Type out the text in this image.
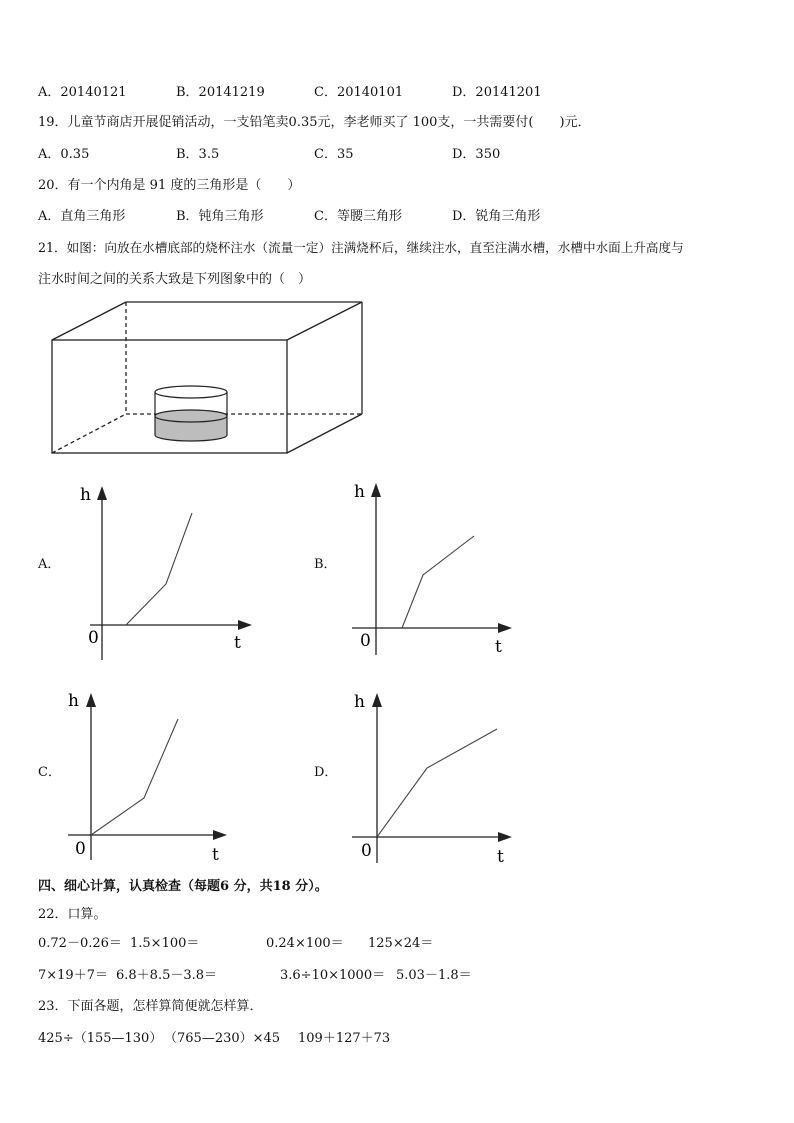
A．20140121	B．20141219	C．20140101	D．20141201
19．儿童节商店开展促销活动，一支铅笔卖0.35元，李老师买了 100支，一共需要付(　　)元．
A．0.35	B．3.5	C．35	D．350
20．有一个内角是 91 度的三角形是（　　）
A．直角三角形	B．钝角三角形	C．等腰三角形	D．锐角三角形
21．如图：向放在水槽底部的烧杯注水（流量一定）注满烧杯后，继续注水，直至注满水槽，水槽中水面上升高度与
注水时间之间的关系大致是下列图象中的（　）
A．
h
t
0
B．
h
t
0
C．
h
t
0
D．
h
t
0
四、细心计算，认真检查（每题6 分，共18 分）。
22．口算。
0.72－0.26＝ 1.5×100＝	0.24×100＝ 125×24＝
7×19＋7＝ 6.8＋8.5－3.8＝	3.6÷10×1000＝ 5.03－1.8＝
23．下面各题，怎样算简便就怎样算．
425÷（155—130） （765—230）×45 109＋127＋73
